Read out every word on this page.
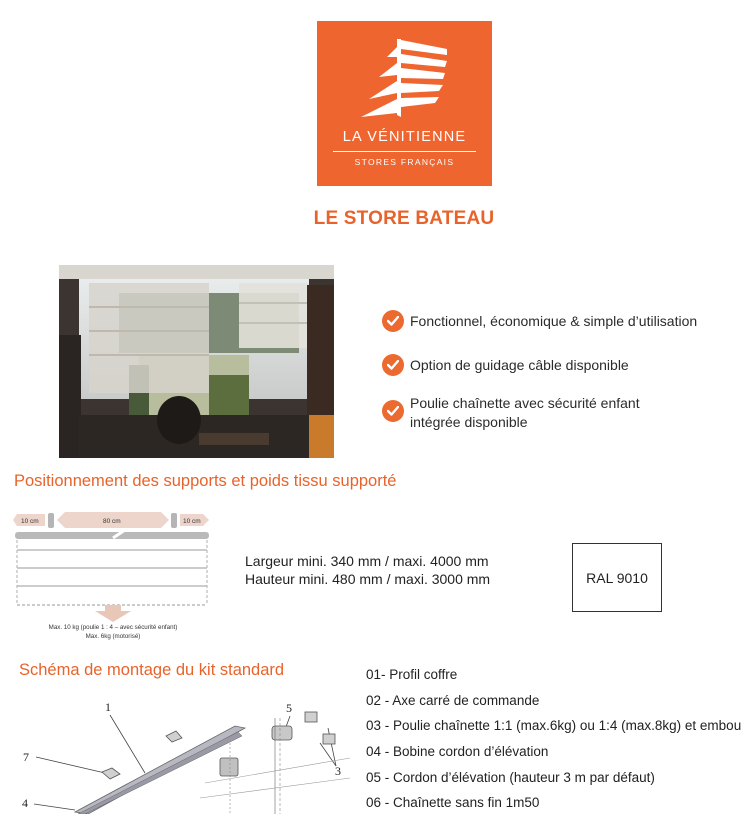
LA VÉNITIENNE
STORES FRANÇAIS
LE STORE BATEAU
Fonctionnel, économique & simple d’utilisation
Option de guidage câble disponible
Poulie chaînette avec sécurité enfant intégrée disponible
Positionnement des supports et poids tissu supporté
10 cm	80 cm	10 cm
Max. 10 kg (poulie 1 : 4 – avec sécurité enfant)
Max. 6kg (motorisé)
Largeur mini. 340 mm / maxi. 4000 mm
Hauteur mini. 480 mm / maxi. 3000 mm	RAL 9010
Schéma de montage du kit standard
1	5
7
3
4
01- Profil coffre
02 - Axe carré de commande
03 - Poulie chaînette 1:1 (max.6kg) ou 1:4 (max.8kg) et embou
04 - Bobine cordon d’élévation
05 - Cordon d’élévation (hauteur 3 m par défaut)
06 - Chaînette sans fin 1m50
